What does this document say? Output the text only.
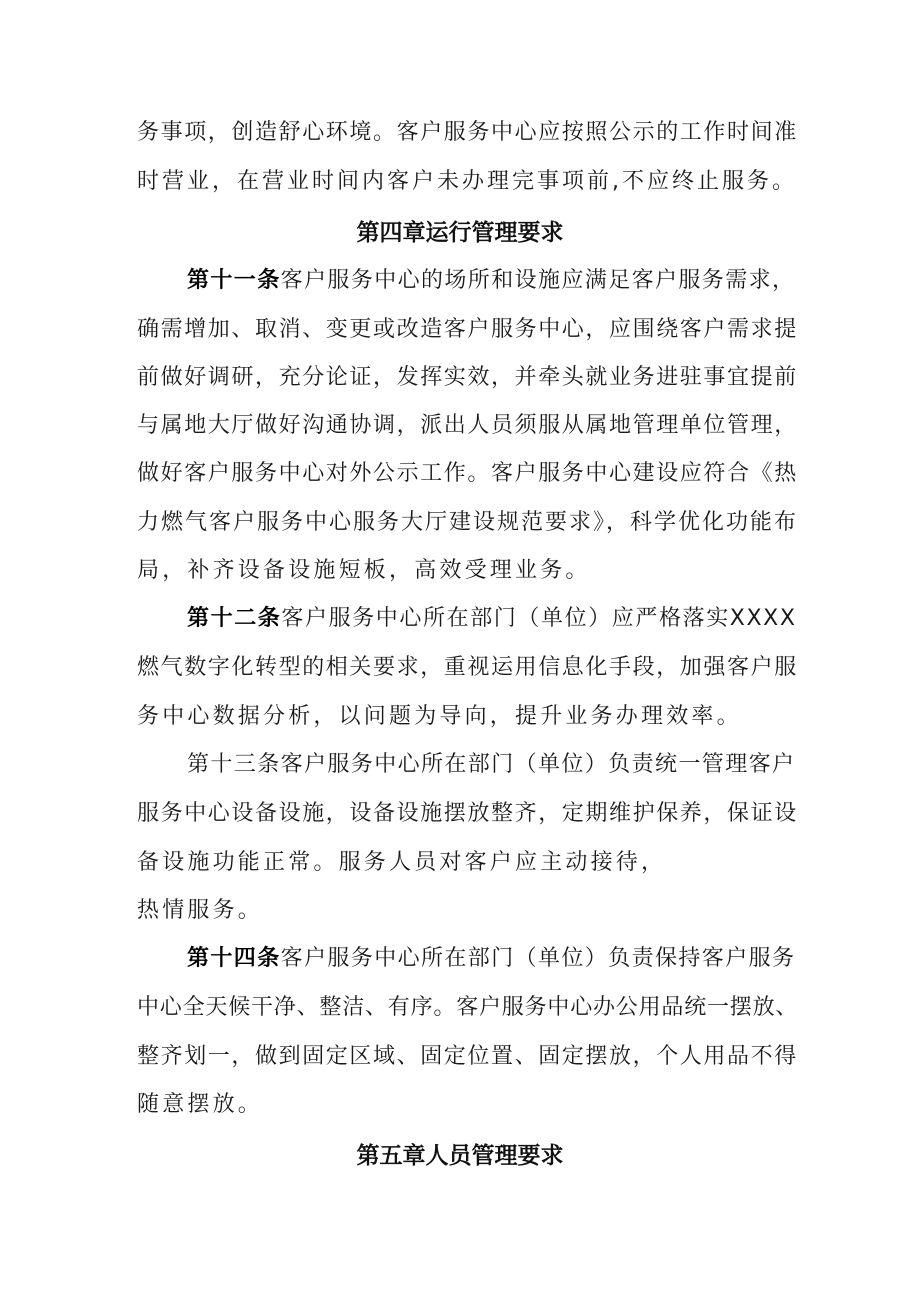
务事项，创造舒心环境。客户服务中心应按照公示的工作时间准
时营业，在营业时间内客户未办理完事项前,不应终止服务。
第四章运行管理要求
第十一条客户服务中心的场所和设施应满足客户服务需求，
确需增加、取消、变更或改造客户服务中心，应围绕客户需求提
前做好调研，充分论证，发挥实效，并牵头就业务进驻事宜提前
与属地大厅做好沟通协调，派出人员须服从属地管理单位管理，
做好客户服务中心对外公示工作。客户服务中心建设应符合《热
力燃气客户服务中心服务大厅建设规范要求》，科学优化功能布
局，补齐设备设施短板，高效受理业务。
第十二条客户服务中心所在部门（单位）应严格落实XXXX
燃气数字化转型的相关要求，重视运用信息化手段，加强客户服
务中心数据分析，以问题为导向，提升业务办理效率。
第十三条客户服务中心所在部门（单位）负责统一管理客户
服务中心设备设施，设备设施摆放整齐，定期维护保养，保证设
备设施功能正常。服务人员对客户应主动接待，
热情服务。
第十四条客户服务中心所在部门（单位）负责保持客户服务
中心全天候干净、整洁、有序。客户服务中心办公用品统一摆放、
整齐划一，做到固定区域、固定位置、固定摆放，个人用品不得
随意摆放。
第五章人员管理要求
